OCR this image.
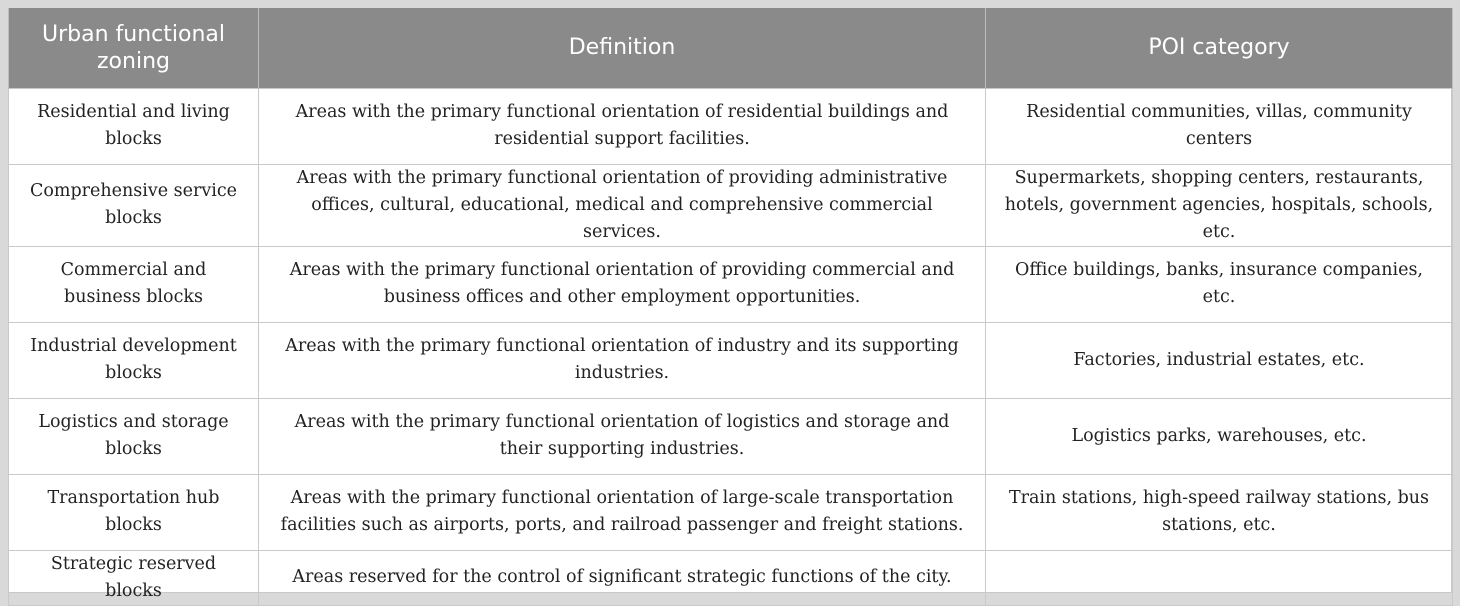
Urban functional zoning	Definition	POI category
Residential and living blocks	Areas with the primary functional orientation of residential buildings and residential support facilities.	Residential communities, villas, community centers
Comprehensive service blocks	Areas with the primary functional orientation of providing administrative offices, cultural, educational, medical and comprehensive commercial services.	Supermarkets, shopping centers, restaurants, hotels, government agencies, hospitals, schools, etc.
Commercial and business blocks	Areas with the primary functional orientation of providing commercial and business offices and other employment opportunities.	Office buildings, banks, insurance companies, etc.
Industrial development blocks	Areas with the primary functional orientation of industry and its supporting industries.	Factories, industrial estates, etc.
Logistics and storage blocks	Areas with the primary functional orientation of logistics and storage and their supporting industries.	Logistics parks, warehouses, etc.
Transportation hub blocks	Areas with the primary functional orientation of large-scale transportation facilities such as airports, ports, and railroad passenger and freight stations.	Train stations, high-speed railway stations, bus stations, etc.
Strategic reserved blocks	Areas reserved for the control of significant strategic functions of the city.	
